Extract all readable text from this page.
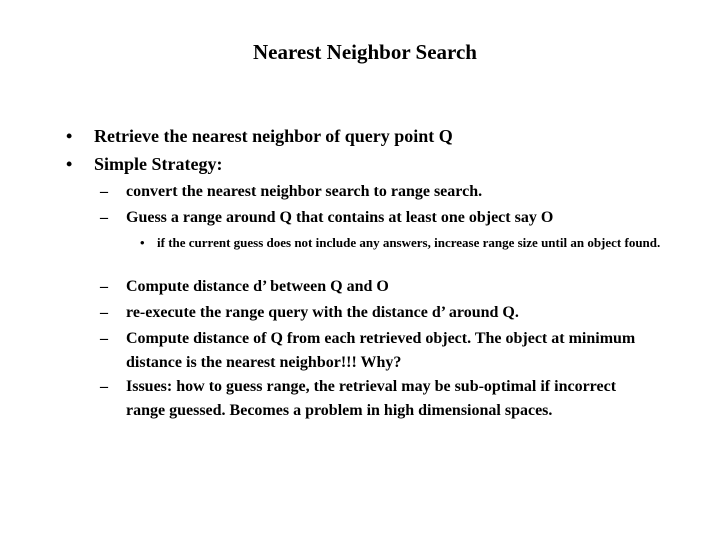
Nearest Neighbor Search
•	Retrieve the nearest neighbor of query point Q
•	Simple Strategy:
–	convert the nearest neighbor search to range search.
–	Guess a range around Q that contains at least one object say O
• if the current guess does not include any answers, increase range size until an object found.
–	Compute distance d’ between Q and O
–	re-execute the range query with the distance d’ around Q.
–	Compute distance of Q from each retrieved object. The object at minimum distance is the nearest neighbor!!! Why?
–	Issues: how to guess range, the retrieval may be sub-optimal if incorrect range guessed. Becomes a problem in high dimensional spaces.
